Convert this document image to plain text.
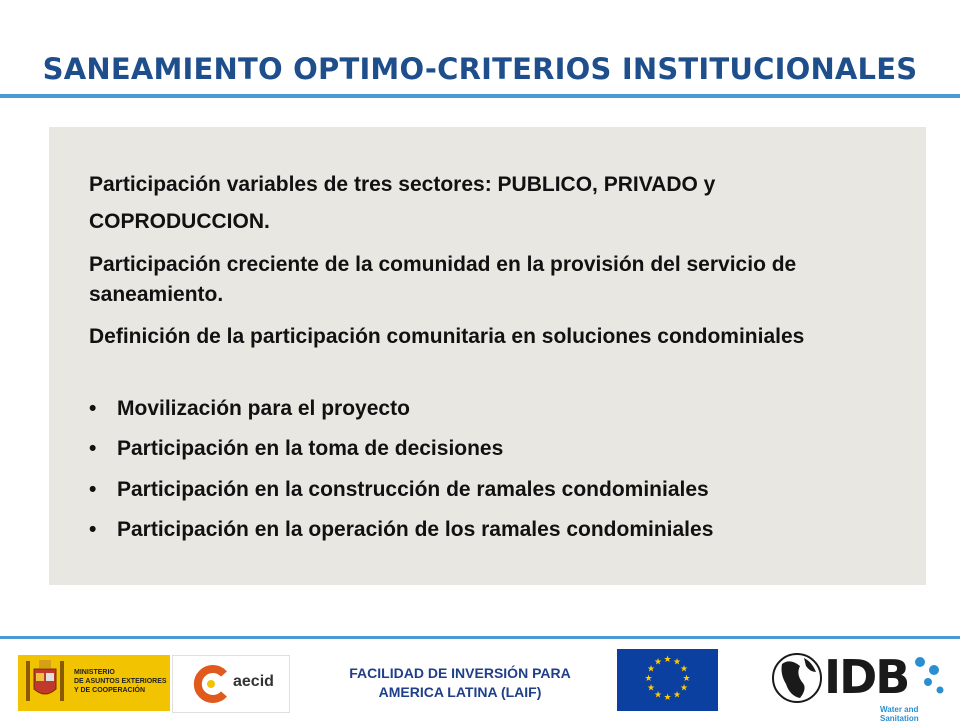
SANEAMIENTO OPTIMO-CRITERIOS INSTITUCIONALES
Participación variables de tres sectores: PUBLICO, PRIVADO y
COPRODUCCION.
Participación creciente de la comunidad en la provisión del servicio de saneamiento.
Definición de la participación comunitaria en soluciones condominiales
• Movilización para el proyecto
• Participación en la toma de decisiones
• Participación en la construcción de ramales condominiales
• Participación en la operación de los ramales condominiales
MINISTERIO
DE ASUNTOS EXTERIORES
Y DE COOPERACIÓN
aecid	FACILIDAD DE INVERSIÓN PARA
AMERICA LATINA (LAIF)
★ ★
★
★
★
★
★
★
★
★
★
★	IDB
Water and Sanitation
